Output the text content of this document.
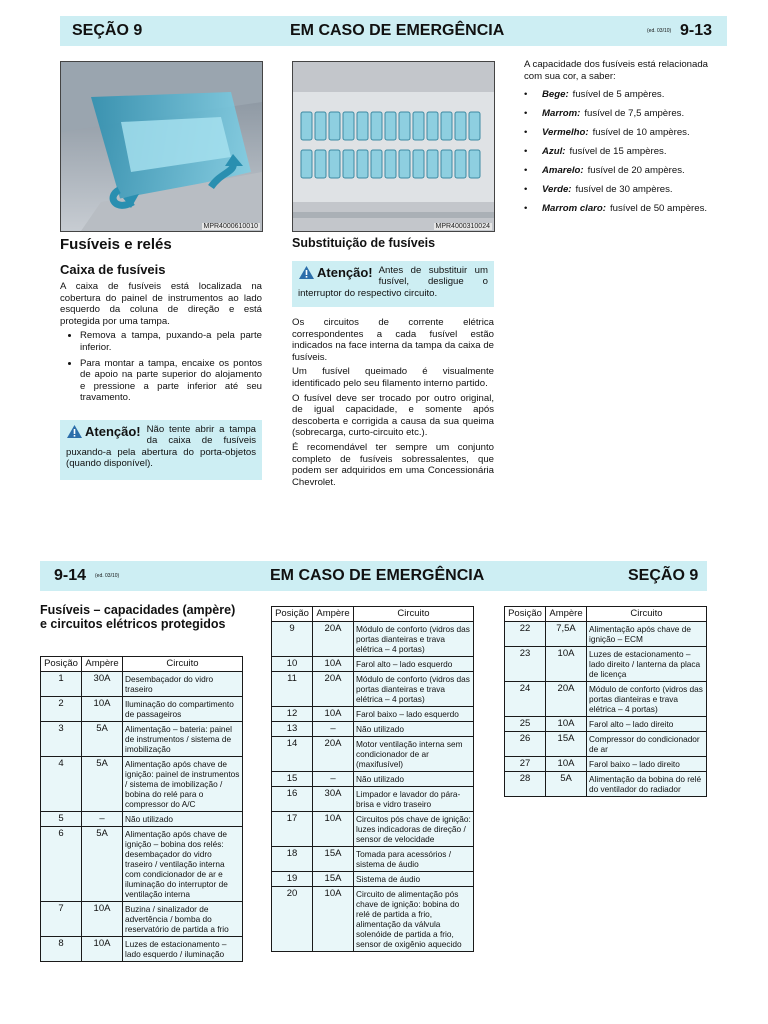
SEÇÃO 9	EM CASO DE EMERGÊNCIA	(ed. 03/10) 9-13
MPR4000610010	MPR4000310024
Fusíveis e relés
Caixa de fusíveis

A caixa de fusíveis está localizada na cobertura do painel de instrumentos ao lado esquerdo da coluna de direção e está protegida por uma tampa.

• Remova a tampa, puxando-a pela parte inferior.
• Para montar a tampa, encaixe os pontos de apoio na parte superior do alojamento e pressione a parte inferior até seu travamento.
Atenção! Não tente abrir a tampa da caixa de fusíveis puxando-a pela abertura do porta-objetos (quando disponível).
Substituição de fusíveis
Atenção! Antes de substituir um fusível, desligue o interruptor do respectivo circuito.

Os circuitos de corrente elétrica correspondentes a cada fusível estão indicados na face interna da tampa da caixa de fusíveis.

Um fusível queimado é visualmente identificado pelo seu filamento interno partido.

O fusível deve ser trocado por outro original, de igual capacidade, e somente após descoberta e corrigida a causa da sua queima (sobrecarga, curto-circuito etc.).

É recomendável ter sempre um conjunto completo de fusíveis sobressalentes, que podem ser adquiridos em uma Concessionária Chevrolet.

A capacidade dos fusíveis está relacionada com sua cor, a saber:
•	Bege: fusível de 5 ampères.
•	Marrom: fusível de 7,5 ampères.
•	Vermelho: fusível de 10 ampères.
•	Azul: fusível de 15 ampères.
•	Amarelo: fusível de 20 ampères.
•	Verde: fusível de 30 ampères.
•	Marrom claro: fusível de 50 ampères.
9-14 (ed. 03/10)	EM CASO DE EMERGÊNCIA	SEÇÃO 9
Fusíveis – capacidades (ampère) e circuitos elétricos protegidos
Posição	Ampère	Circuito
1	30A	Desembaçador do vidro traseiro
2	10A	Iluminação do compartimento de passageiros
3	5A	Alimentação – bateria: painel de instrumentos / sistema de imobilização
4	5A	Alimentação após chave de ignição: painel de instrumentos / sistema de imobilização / bobina do relé para o compressor do A/C
5	–	Não utilizado
6	5A	Alimentação após chave de ignição – bobina dos relés: desembaçador do vidro traseiro / ventilação interna com condicionador de ar e iluminação do interruptor de ventilação interna
7	10A	Buzina / sinalizador de advertência / bomba do reservatório de partida a frio
8	10A	Luzes de estacionamento – lado esquerdo / iluminação
Posição	Ampère	Circuito
9	20A	Módulo de conforto (vidros das portas dianteiras e trava elétrica – 4 portas)
10	10A	Farol alto – lado esquerdo
11	20A	Módulo de conforto (vidros das portas dianteiras e trava elétrica – 4 portas)
12	10A	Farol baixo – lado esquerdo
13	–	Não utilizado
14	20A	Motor ventilação interna sem condicionador de ar (maxifusível)
15	–	Não utilizado
16	30A	Limpador e lavador do pára-brisa e vidro traseiro
17	10A	Circuitos pós chave de ignição: luzes indicadoras de direção / sensor de velocidade
18	15A	Tomada para acessórios / sistema de áudio
19	15A	Sistema de áudio
20	10A	Circuito de alimentação pós chave de ignição: bobina do relé de partida a frio, alimentação da válvula solenóide de partida a frio, sensor de oxigênio aquecido
Posição	Ampère	Circuito
22	7,5A	Alimentação após chave de ignição – ECM
23	10A	Luzes de estacionamento – lado direito / lanterna da placa de licença
24	20A	Módulo de conforto (vidros das portas dianteiras e trava elétrica – 4 portas)
25	10A	Farol alto – lado direito
26	15A	Compressor do condicionador de ar
27	10A	Farol baixo – lado direito
28	5A	Alimentação da bobina do relé do ventilador do radiador
